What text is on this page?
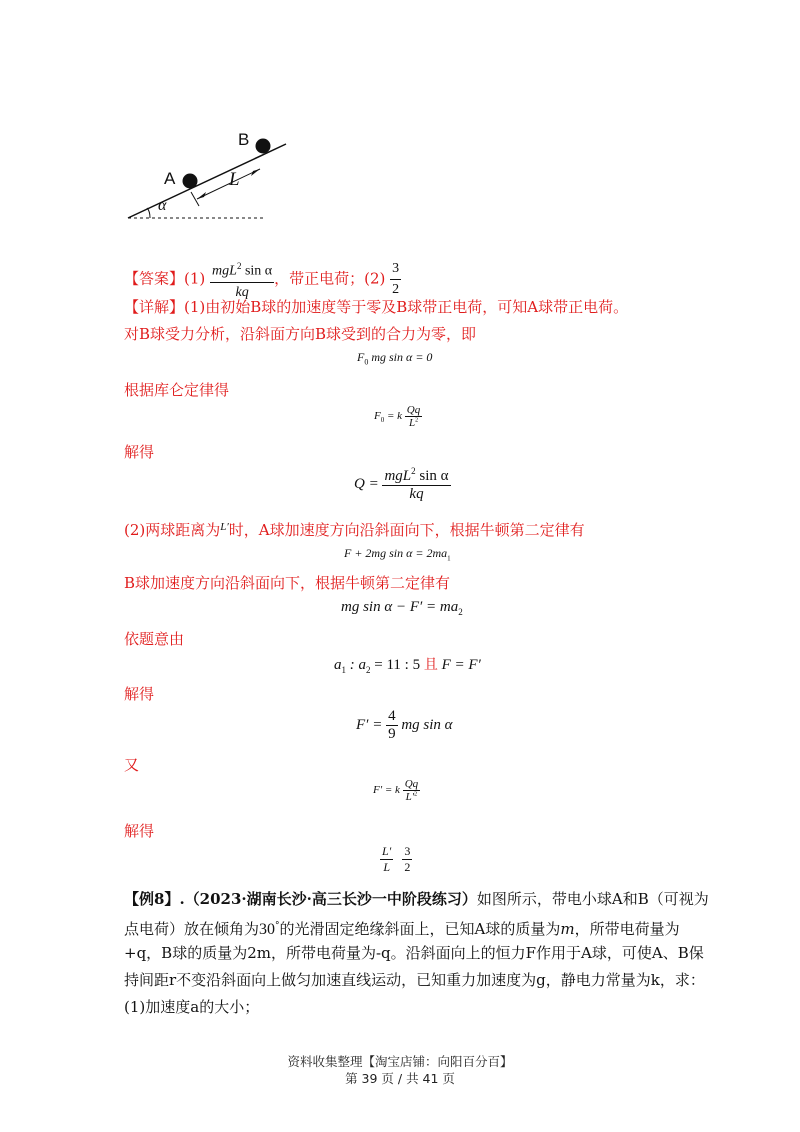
B
A	L
α
【答案】$(1) \frac{mgL^2 \sin \alpha}{kq}$ ，带正电荷；$(2) \frac{3}{2}$
【详解】(1)由初始B球的加速度等于零及B球带正电荷，可知A球带正电荷。
对B球受力分析，沿斜面方向B球受到的合力为零，即
$F_0$ mg sin α = 0
根据库仑定律得
$F_0 = k \frac{Qq}{L^2}$
解得
$Q = \frac{mgL^2 \sin \alpha}{kq}$
(2)两球距离为$^{L'}$时，A球加速度方向沿斜面向下，根据牛顿第二定律有
F + 2mg $\sin \alpha = 2ma_1$
B球加速度方向沿斜面向下，根据牛顿第二定律有
mg $\sin \alpha - F' = ma_2$
依题意由
$a_1$ : $a_2 = 11$ : 5 且 F = F′
解得
$F' = \frac{4}{9}$ mg sin α
又
F′ = k $\frac{Qq}{L'^2}$
解得
$\frac{L'}{L}$
$\frac{3}{2}$
【例8】.（2023·湖南长沙·高三长沙一中阶段练习）如图所示，带电小球A和B（可视为
点电荷）放在倾角为30°的光滑固定绝缘斜面上，已知A球的质量为m，所带电荷量为
+q，B球的质量为2m，所带电荷量为-q。沿斜面向上的恒力F作用于A球，可使A、B保
持间距r不变沿斜面向上做匀加速直线运动，已知重力加速度为g，静电力常量为k，求：
(1)加速度a的大小；
资料收集整理【淘宝店铺：向阳百分百】
第 39 页 / 共 41 页
